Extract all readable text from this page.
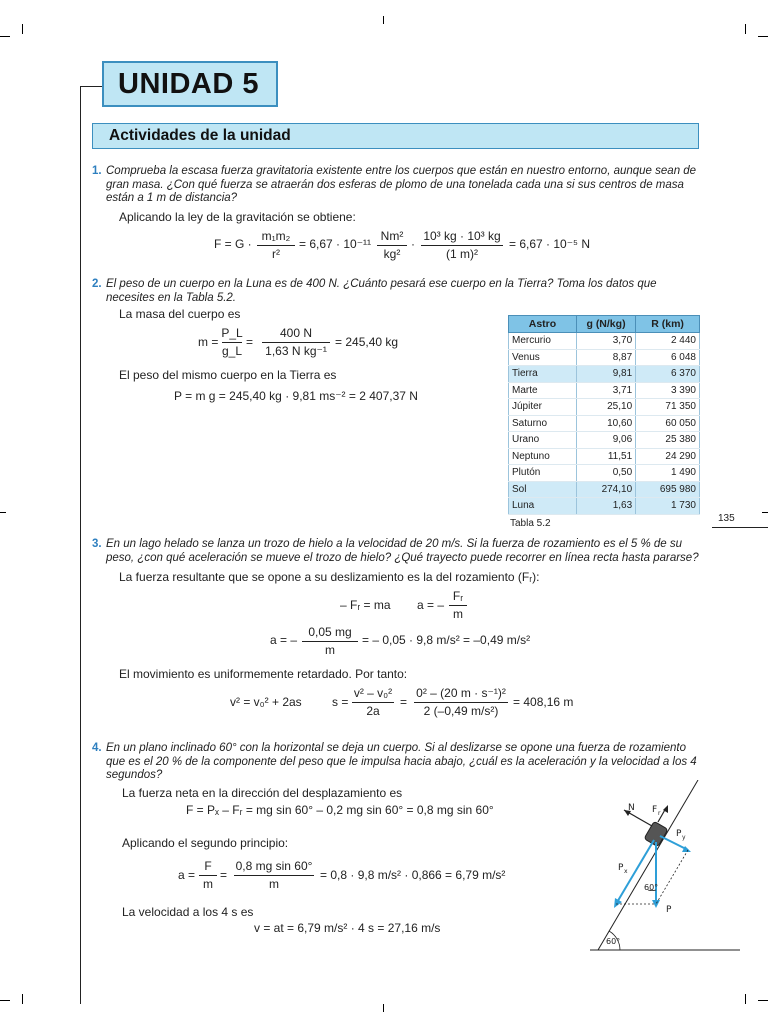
UNIDAD 5
Actividades de la unidad
1. Comprueba la escasa fuerza gravitatoria existente entre los cuerpos que están en nuestro entorno, aunque sean de gran masa. ¿Con qué fuerza se atraerán dos esferas de plomo de una tonelada cada una si sus centros de masa están a 1 m de distancia?
Aplicando la ley de la gravitación se obtiene:
F = G ·
m₁m₂
r²
= 6,67 · 10⁻¹¹
Nm²
kg²
·
10³ kg · 10³ kg
(1 m)²
= 6,67 · 10⁻⁵ N
2. El peso de un cuerpo en la Luna es de 400 N. ¿Cuánto pesará ese cuerpo en la Tierra? Toma los datos que necesites en la Tabla 5.2.
La masa del cuerpo es
m =
P_L
g_L
=
400 N
1,63 N kg⁻¹
= 245,40 kg
El peso del mismo cuerpo en la Tierra es
P = m g = 245,40 kg · 9,81 ms⁻² = 2 407,37 N
Astro	g (N/kg)	R (km)
Mercurio	3,70	2 440
Venus	8,87	6 048
Tierra	9,81	6 370
Marte	3,71	3 390
Júpiter	25,10	71 350
Saturno	10,60	60 050
Urano	9,06	25 380
Neptuno	11,51	24 290
Plutón	0,50	1 490
Sol	274,10	695 980
Luna	1,63	1 730
Tabla 5.2	135
3. En un lago helado se lanza un trozo de hielo a la velocidad de 20 m/s. Si la fuerza de rozamiento es el 5 % de su peso, ¿con qué aceleración se mueve el trozo de hielo? ¿Qué trayecto puede recorrer en línea recta hasta pararse?
La fuerza resultante que se opone a su deslizamiento es la del rozamiento (Fᵣ):
– Fᵣ = ma a = –
Fᵣ
m
a = –
0,05 mg
m
= – 0,05 · 9,8 m/s² = –0,49 m/s²
El movimiento es uniformemente retardado. Por tanto:
v² = v₀² + 2as	s =
v² – v₀²
2a
=
0² – (20 m · s⁻¹)²
2 (–0,49 m/s²)
= 408,16 m
4. En un plano inclinado 60° con la horizontal se deja un cuerpo. Si al deslizarse se opone una fuerza de rozamiento que es el 20 % de la componente del peso que le impulsa hacia abajo, ¿cuál es la aceleración y la velocidad a los 4 segundos?
La fuerza neta en la dirección del desplazamiento es
F = Pₓ – Fᵣ = mg sin 60° – 0,2 mg sin 60° = 0,8 mg sin 60°
Aplicando el segundo principio:
a =
F
m
=
0,8 mg sin 60°
m
= 0,8 · 9,8 m/s² · 0,866 = 6,79 m/s²
La velocidad a los 4 s es
v = at = 6,79 m/s² · 4 s = 27,16 m/s
N F r
P y
P x
P
60°
60°
